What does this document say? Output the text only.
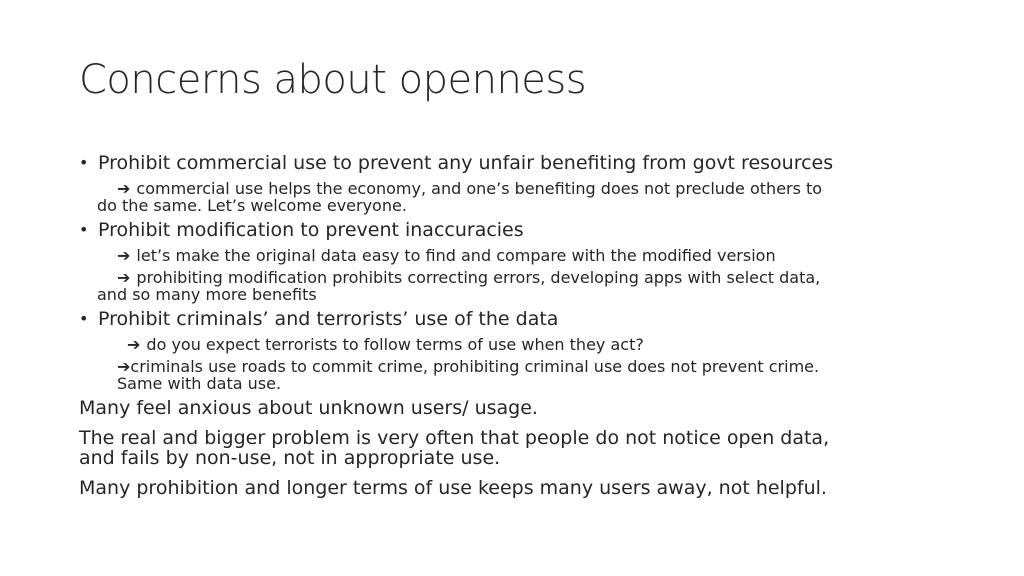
Concerns about openness
• Prohibit commercial use to prevent any unfair benefiting from govt resources
➔ commercial use helps the economy, and one’s benefiting does not preclude others to
do the same. Let’s welcome everyone.
• Prohibit modification to prevent inaccuracies
➔ let’s make the original data easy to find and compare with the modified version
➔ prohibiting modification prohibits correcting errors, developing apps with select data,
and so many more benefits
• Prohibit criminals’ and terrorists’ use of the data
➔ do you expect terrorists to follow terms of use when they act?
➔criminals use roads to commit crime, prohibiting criminal use does not prevent crime.
Same with data use.
Many feel anxious about unknown users/ usage.
The real and bigger problem is very often that people do not notice open data,
and fails by non-use, not in appropriate use.
Many prohibition and longer terms of use keeps many users away, not helpful.
